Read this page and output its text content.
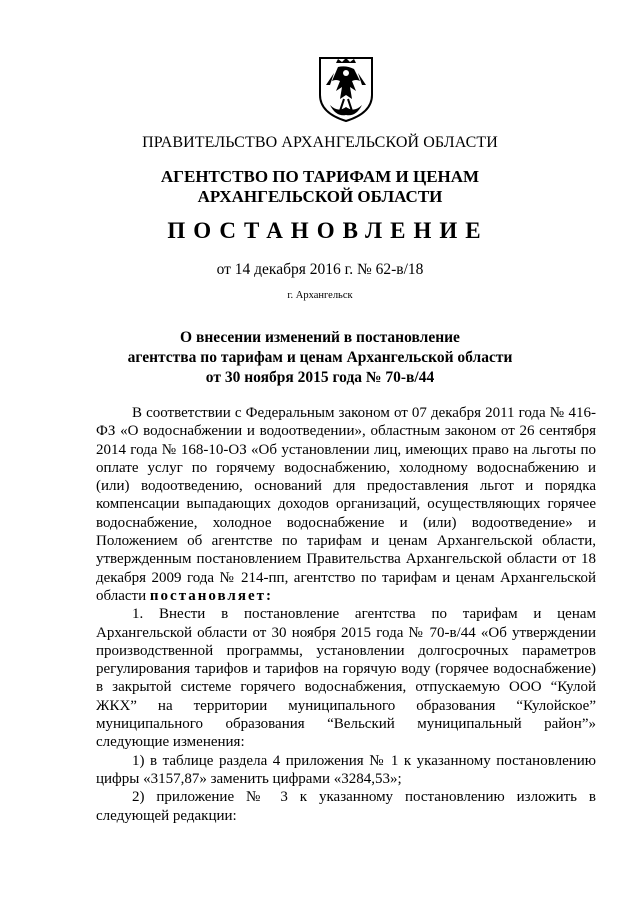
ПРАВИТЕЛЬСТВО АРХАНГЕЛЬСКОЙ ОБЛАСТИ
АГЕНТСТВО ПО ТАРИФАМ И ЦЕНАМ
АРХАНГЕЛЬСКОЙ ОБЛАСТИ
ПОСТАНОВЛЕНИЕ
от 14 декабря 2016 г. № 62-в/18
г. Архангельск
О внесении изменений в постановление
агентства по тарифам и ценам Архангельской области
от 30 ноября 2015 года № 70-в/44

В соответствии с Федеральным законом от 07 декабря 2011 года № 416-ФЗ «О водоснабжении и водоотведении», областным законом от 26 сентября 2014 года № 168-10-ОЗ «Об установлении лиц, имеющих право на льготы по оплате услуг по горячему водоснабжению, холодному водоснабжению и (или) водоотведению, оснований для предоставления льгот и порядка компенсации выпадающих доходов организаций, осуществляющих горячее водоснабжение, холодное водоснабжение и (или) водоотведение» и Положением об агентстве по тарифам и ценам Архангельской области, утвержденным постановлением Правительства Архангельской области от 18 декабря 2009 года № 214-пп, агентство по тарифам и ценам Архангельской области постановляет:

1. Внести в постановление агентства по тарифам и ценам Архангельской области от 30 ноября 2015 года № 70-в/44 «Об утверждении производственной программы, установлении долгосрочных параметров регулирования тарифов и тарифов на горячую воду (горячее водоснабжение) в закрытой системе горячего водоснабжения, отпускаемую ООО “Кулой ЖКХ” на территории муниципального образования “Кулойское” муниципального образования “Вельский муниципальный район”» следующие изменения:

1) в таблице раздела 4 приложения № 1 к указанному постановлению цифры «3157,87» заменить цифрами «3284,53»;

2) приложение № 3 к указанному постановлению изложить в следующей редакции:
